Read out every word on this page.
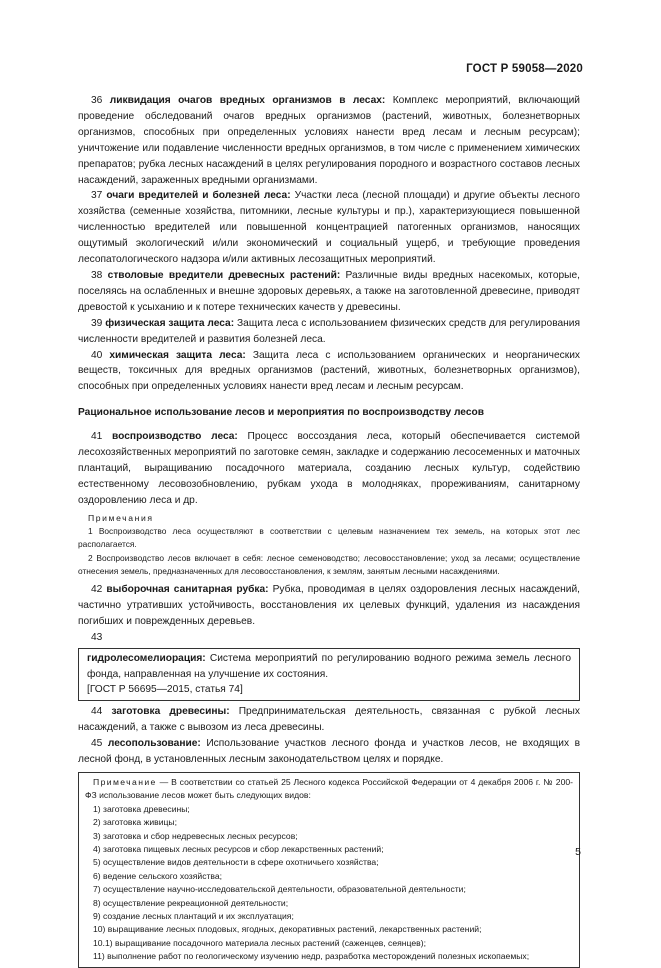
ГОСТ Р 59058—2020

36 ликвидация очагов вредных организмов в лесах: Комплекс мероприятий, включающий проведение обследований очагов вредных организмов (растений, животных, болезнетворных организмов, способных при определенных условиях нанести вред лесам и лесным ресурсам); уничтожение или подавление численности вредных организмов, в том числе с применением химических препаратов; рубка лесных насаждений в целях регулирования породного и возрастного составов лесных насаждений, зараженных вредными организмами.

37 очаги вредителей и болезней леса: Участки леса (лесной площади) и другие объекты лесного хозяйства (семенные хозяйства, питомники, лесные культуры и пр.), характеризующиеся повышенной численностью вредителей или повышенной концентрацией патогенных организмов, наносящих ощутимый экологический и/или экономический и социальный ущерб, и требующие проведения лесопатологического надзора и/или активных лесозащитных мероприятий.

38 стволовые вредители древесных растений: Различные виды вредных насекомых, которые, поселяясь на ослабленных и внешне здоровых деревьях, а также на заготовленной древесине, приводят древостой к усыханию и к потере технических качеств у древесины.

39 физическая защита леса: Защита леса с использованием физических средств для регулирования численности вредителей и развития болезней леса.

40 химическая защита леса: Защита леса с использованием органических и неорганических веществ, токсичных для вредных организмов (растений, животных, болезнетворных организмов), способных при определенных условиях нанести вред лесам и лесным ресурсам.

Рациональное использование лесов и мероприятия по воспроизводству лесов

41 воспроизводство леса: Процесс воссоздания леса, который обеспечивается системой лесохозяйственных мероприятий по заготовке семян, закладке и содержанию лесосеменных и маточных плантаций, выращиванию посадочного материала, созданию лесных культур, содействию естественному лесовозобновлению, рубкам ухода в молодняках, прореживаниям, санитарному оздоровлению леса и др.

Примечания

1 Воспроизводство леса осуществляют в соответствии с целевым назначением тех земель, на которых этот лес располагается.

2 Воспроизводство лесов включает в себя: лесное семеноводство; лесовосстановление; уход за лесами; осуществление отнесения земель, предназначенных для лесовосстановления, к землям, занятым лесными насаждениями.

42 выборочная санитарная рубка: Рубка, проводимая в целях оздоровления лесных насаждений, частично утративших устойчивость, восстановления их целевых функций, удаления из насаждения погибших и поврежденных деревьев.

43

гидролесомелиорация: Система мероприятий по регулированию водного режима земель лесного фонда, направленная на улучшение их состояния.

[ГОСТ Р 56695—2015, статья 74]

44 заготовка древесины: Предпринимательская деятельность, связанная с рубкой лесных насаждений, а также с вывозом из леса древесины.

45 лесопользование: Использование участков лесного фонда и участков лесов, не входящих в лесной фонд, в установленных лесным законодательством целях и порядке.

Примечание — В соответствии со статьей 25 Лесного кодекса Российской Федерации от 4 декабря 2006 г. № 200-ФЗ использование лесов может быть следующих видов:

1) заготовка древесины;
2) заготовка живицы;
3) заготовка и сбор недревесных лесных ресурсов;
4) заготовка пищевых лесных ресурсов и сбор лекарственных растений;
5) осуществление видов деятельности в сфере охотничьего хозяйства;
6) ведение сельского хозяйства;
7) осуществление научно-исследовательской деятельности, образовательной деятельности;
8) осуществление рекреационной деятельности;
9) создание лесных плантаций и их эксплуатация;
10) выращивание лесных плодовых, ягодных, декоративных растений, лекарственных растений;
10.1) выращивание посадочного материала лесных растений (саженцев, сеянцев);
11) выполнение работ по геологическому изучению недр, разработка месторождений полезных ископаемых;
5
